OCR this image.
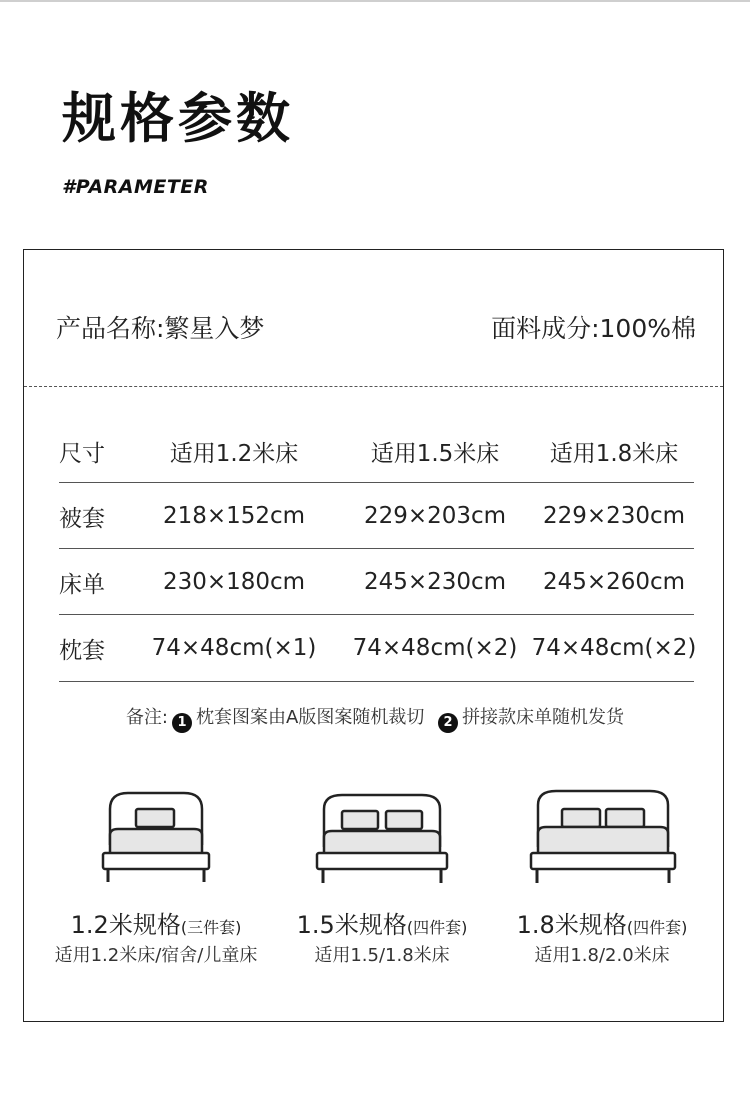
规格参数
#PARAMETER
产品名称:繁星入梦	面料成分:100%棉
尺寸	适用1.2米床	适用1.5米床	适用1.8米床
被套	218×152cm	229×203cm	229×230cm
床单	230×180cm	245×230cm	245×260cm
枕套	74×48cm(×1)	74×48cm(×2) 74×48cm(×2)
备注: 1 枕套图案由A版图案随机裁切 2 拼接款床单随机发货
1.2米规格(三件套)
适用1.2米床/宿舍/儿童床
1.5米规格(四件套)
适用1.5/1.8米床
1.8米规格(四件套)
适用1.8/2.0米床
